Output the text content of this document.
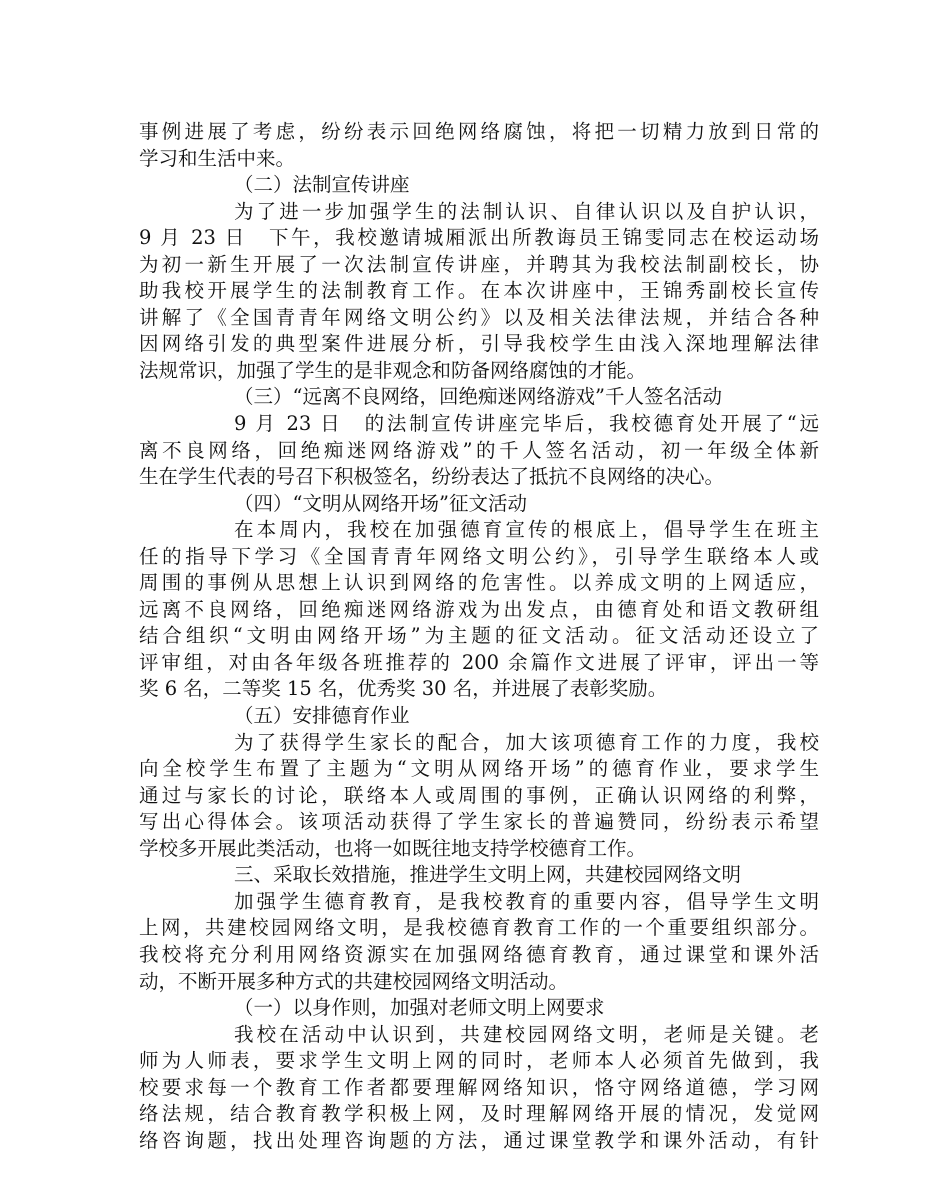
事例进展了考虑，纷纷表示回绝网络腐蚀，将把一切精力放到日常的
学习和生活中来。
（二）法制宣传讲座
为了进一步加强学生的法制认识、自律认识以及自护认识，
9 月 23 日　下午，我校邀请城厢派出所教诲员王锦雯同志在校运动场
为初一新生开展了一次法制宣传讲座，并聘其为我校法制副校长，协
助我校开展学生的法制教育工作。在本次讲座中，王锦秀副校长宣传
讲解了《全国青青年网络文明公约》以及相关法律法规，并结合各种
因网络引发的典型案件进展分析，引导我校学生由浅入深地理解法律
法规常识，加强了学生的是非观念和防备网络腐蚀的才能。
（三）“远离不良网络，回绝痴迷网络游戏”千人签名活动
9 月 23 日　的法制宣传讲座完毕后，我校德育处开展了“远
离不良网络，回绝痴迷网络游戏”的千人签名活动，初一年级全体新
生在学生代表的号召下积极签名，纷纷表达了抵抗不良网络的决心。
（四）“文明从网络开场”征文活动
在本周内，我校在加强德育宣传的根底上，倡导学生在班主
任的指导下学习《全国青青年网络文明公约》，引导学生联络本人或
周围的事例从思想上认识到网络的危害性。以养成文明的上网适应，
远离不良网络，回绝痴迷网络游戏为出发点，由德育处和语文教研组
结合组织“文明由网络开场”为主题的征文活动。征文活动还设立了
评审组，对由各年级各班推荐的 200 余篇作文进展了评审，评出一等
奖 6 名，二等奖 15 名，优秀奖 30 名，并进展了表彰奖励。
（五）安排德育作业
为了获得学生家长的配合，加大该项德育工作的力度，我校
向全校学生布置了主题为“文明从网络开场”的德育作业，要求学生
通过与家长的讨论，联络本人或周围的事例，正确认识网络的利弊，
写出心得体会。该项活动获得了学生家长的普遍赞同，纷纷表示希望
学校多开展此类活动，也将一如既往地支持学校德育工作。
三、采取长效措施，推进学生文明上网，共建校园网络文明
加强学生德育教育，是我校教育的重要内容，倡导学生文明
上网，共建校园网络文明，是我校德育教育工作的一个重要组织部分。
我校将充分利用网络资源实在加强网络德育教育，通过课堂和课外活
动，不断开展多种方式的共建校园网络文明活动。
（一）以身作则，加强对老师文明上网要求
我校在活动中认识到，共建校园网络文明，老师是关键。老
师为人师表，要求学生文明上网的同时，老师本人必须首先做到，我
校要求每一个教育工作者都要理解网络知识，恪守网络道德，学习网
络法规，结合教育教学积极上网，及时理解网络开展的情况，发觉网
络咨询题，找出处理咨询题的方法，通过课堂教学和课外活动，有针
